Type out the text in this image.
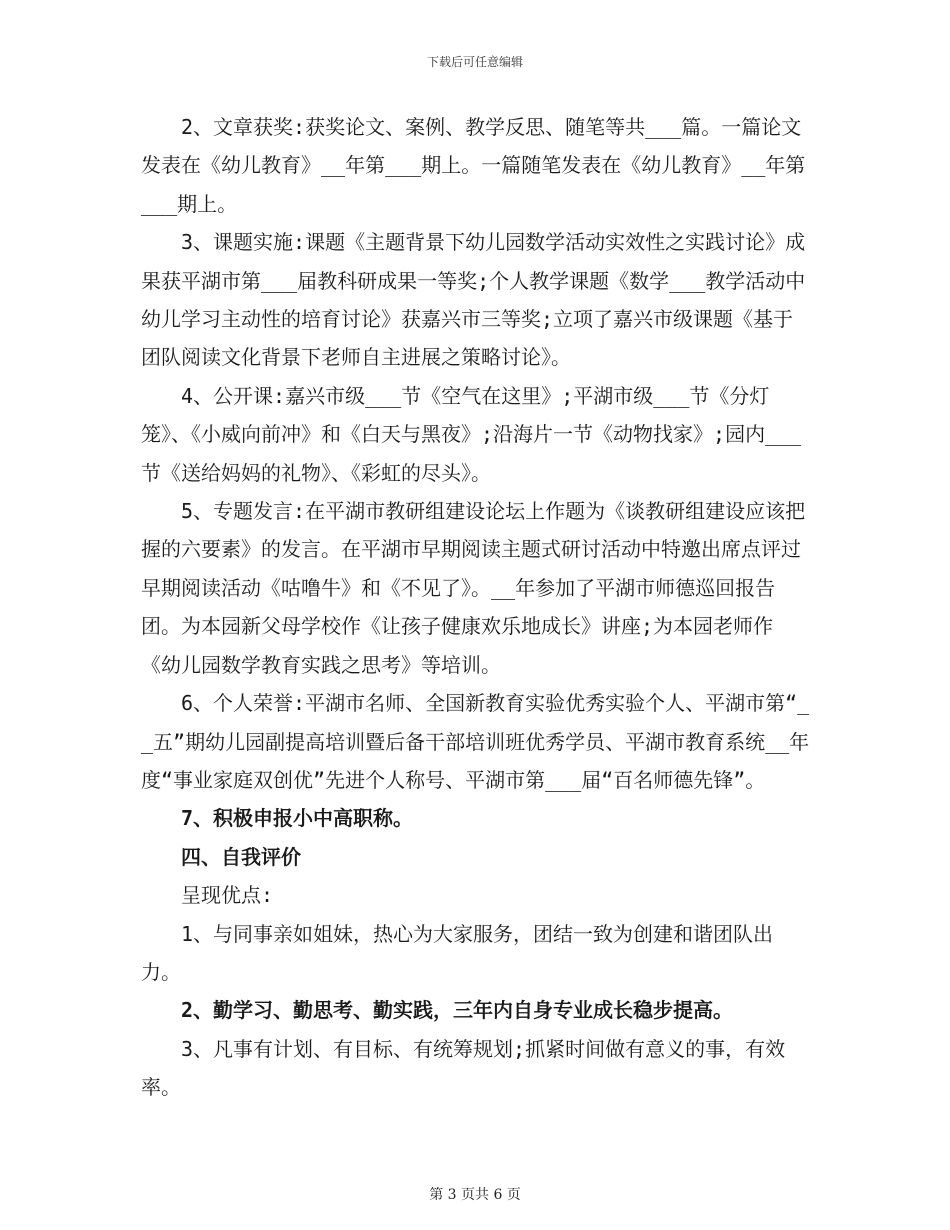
下载后可任意编辑

2、文章获奖:获奖论文、案例、教学反思、随笔等共___篇。一篇论文发表在《幼儿教育》__年第___期上。一篇随笔发表在《幼儿教育》__年第___期上。

3、课题实施:课题《主题背景下幼儿园数学活动实效性之实践讨论》成果获平湖市第___届教科研成果一等奖;个人教学课题《数学___教学活动中幼儿学习主动性的培育讨论》获嘉兴市三等奖;立项了嘉兴市级课题《基于团队阅读文化背景下老师自主进展之策略讨论》。

4、公开课:嘉兴市级___节《空气在这里》;平湖市级___节《分灯笼》、《小威向前冲》和《白天与黑夜》;沿海片一节《动物找家》;园内___节《送给妈妈的礼物》、《彩虹的尽头》。

5、专题发言:在平湖市教研组建设论坛上作题为《谈教研组建设应该把握的六要素》的发言。在平湖市早期阅读主题式研讨活动中特邀出席点评过早期阅读活动《咕噜牛》和《不见了》。__年参加了平湖市师德巡回报告团。为本园新父母学校作《让孩子健康欢乐地成长》讲座;为本园老师作《幼儿园数学教育实践之思考》等培训。

6、个人荣誉:平湖市名师、全国新教育实验优秀实验个人、平湖市第“__五”期幼儿园副提高培训暨后备干部培训班优秀学员、平湖市教育系统__年度“事业家庭双创优”先进个人称号、平湖市第___届“百名师德先锋”。

7、积极申报小中高职称。

四、自我评价

呈现优点:

1、与同事亲如姐妹，热心为大家服务，团结一致为创建和谐团队出力。

2、勤学习、勤思考、勤实践，三年内自身专业成长稳步提高。

3、凡事有计划、有目标、有统筹规划;抓紧时间做有意义的事，有效率。

第 3 页共 6 页
